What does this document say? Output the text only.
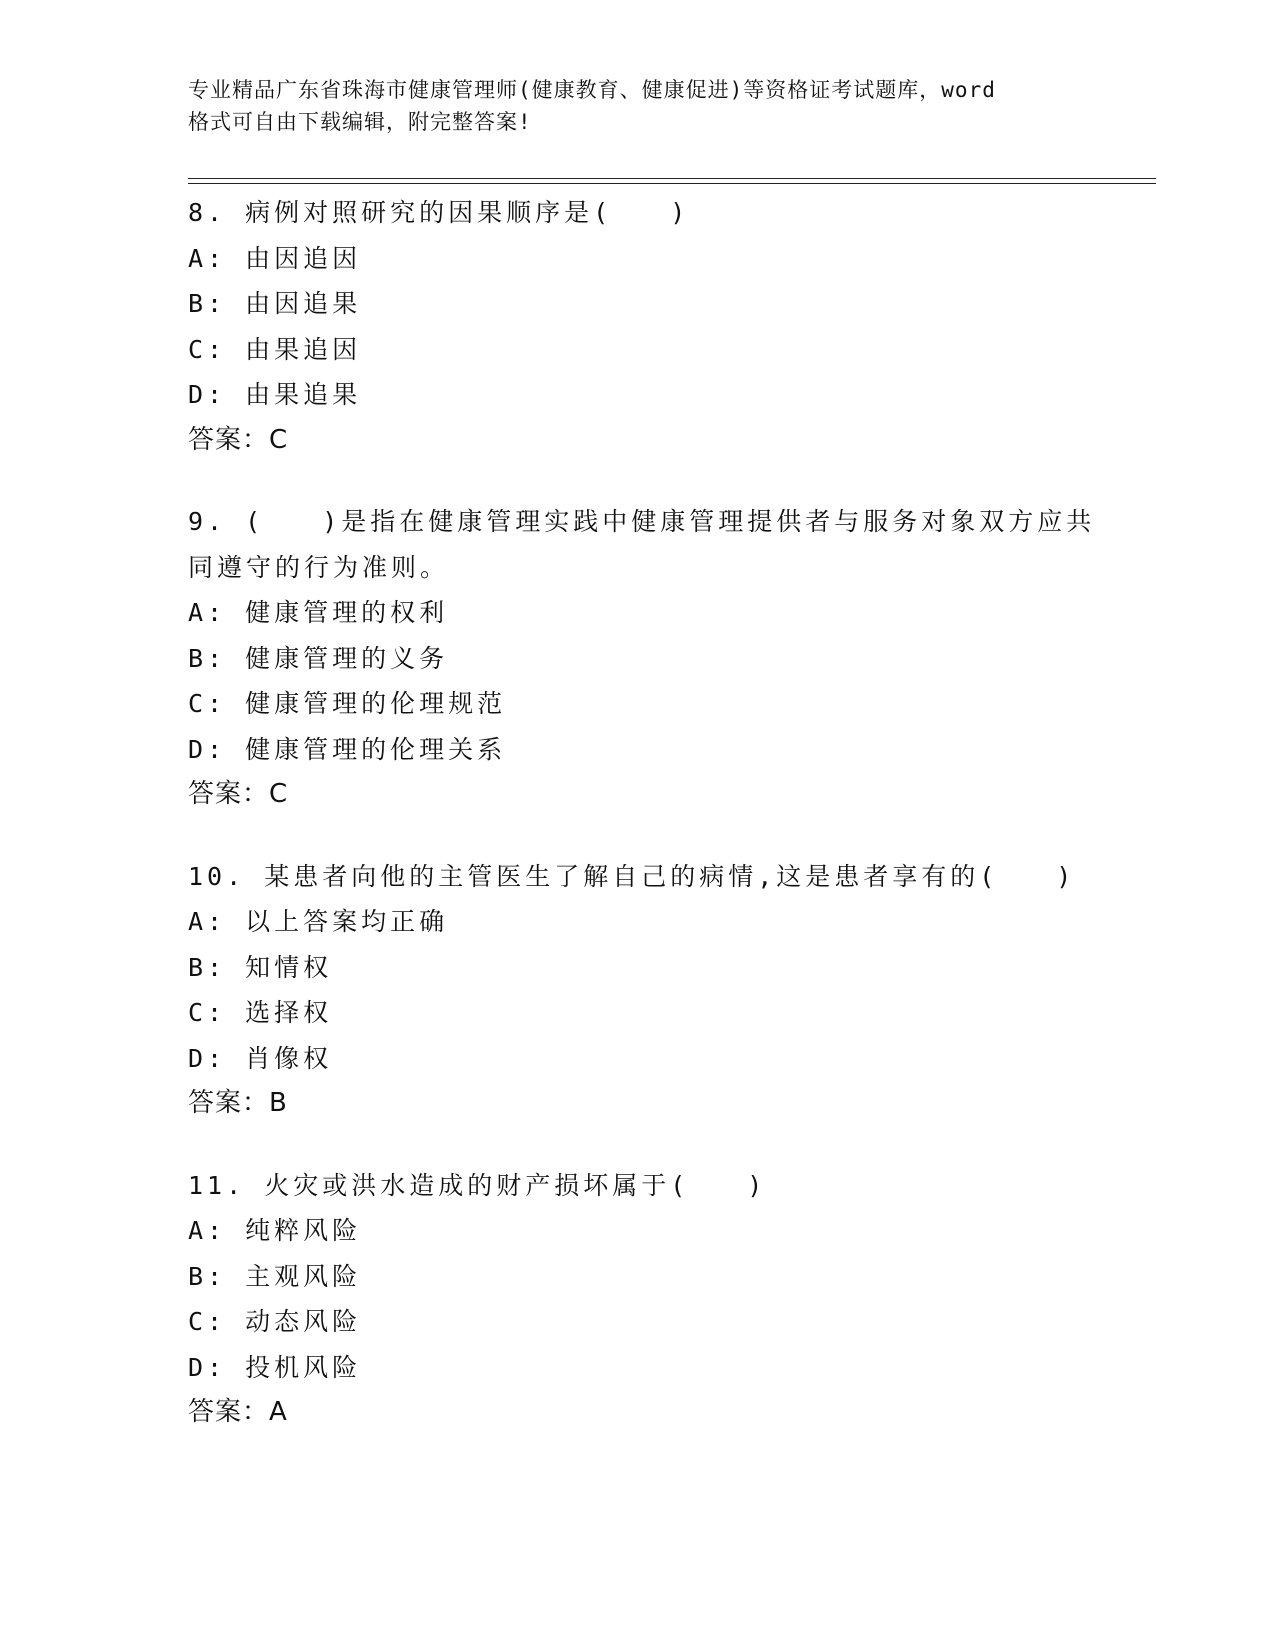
专业精品广东省珠海市健康管理师(健康教育、健康促进)等资格证考试题库，word
格式可自由下载编辑，附完整答案!
8. 病例对照研究的因果顺序是(　　)
A: 由因追因
B: 由因追果
C: 由果追因
D: 由果追果
答案：C
9. (　　)是指在健康管理实践中健康管理提供者与服务对象双方应共
同遵守的行为准则。
A: 健康管理的权利
B: 健康管理的义务
C: 健康管理的伦理规范
D: 健康管理的伦理关系
答案：C
10. 某患者向他的主管医生了解自己的病情,这是患者享有的(　　)
A: 以上答案均正确
B: 知情权
C: 选择权
D: 肖像权
答案：B
11. 火灾或洪水造成的财产损坏属于(　　)
A: 纯粹风险
B: 主观风险
C: 动态风险
D: 投机风险
答案：A
